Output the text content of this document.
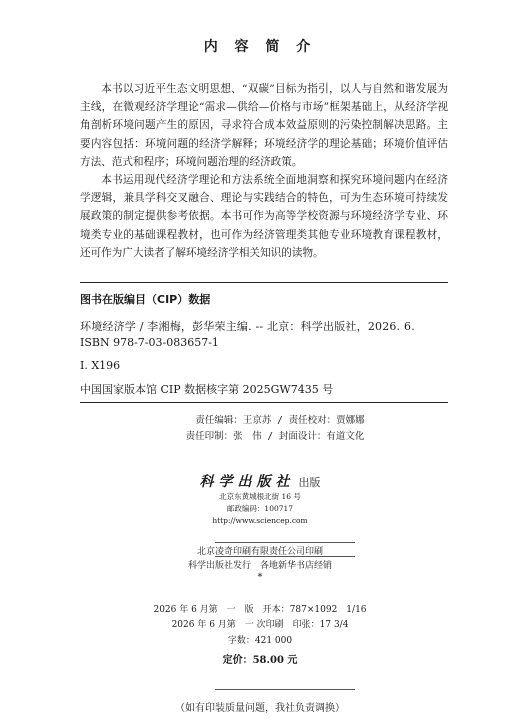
内 容 简 介

本书以习近平生态文明思想、“双碳”目标为指引，以人与自然和谐发展为主线，在微观经济学理论“需求—供给—价格与市场”框架基础上，从经济学视角剖析环境问题产生的原因，寻求符合成本效益原则的污染控制解决思路。主要内容包括：环境问题的经济学解释；环境经济学的理论基础；环境价值评估方法、范式和程序；环境问题治理的经济政策。

本书运用现代经济学理论和方法系统全面地洞察和探究环境问题内在经济学逻辑，兼具学科交叉融合、理论与实践结合的特色，可为生态环境可持续发展政策的制定提供参考依据。本书可作为高等学校资源与环境经济学专业、环境类专业的基础课程教材，也可作为经济管理类其他专业环境教育课程教材，还可作为广大读者了解环境经济学相关知识的读物。

图书在版编目（CIP）数据
环境经济学 / 李湘梅，彭华荣主编. -- 北京：科学出版社，2026. 6.
ISBN 978-7-03-083657-1
Ⅰ. X196
中国国家版本馆 CIP 数据核字第 2025GW7435 号
责任编辑：王京苏 / 责任校对：贾娜娜
责任印制：张　伟 / 封面设计：有道文化
科学出版社 出版
北京东黄城根北街 16 号
邮政编码：100717
http://www.sciencep.com
北京凌奇印刷有限责任公司印刷
科学出版社发行　各地新华书店经销
*
2026 年 6 月第　一　版　开本：787×1092　1/16
2026 年 6 月第　一 次印刷　印张：17 3/4
字数：421 000
定价：58.00 元
（如有印装质量问题，我社负责调换）
